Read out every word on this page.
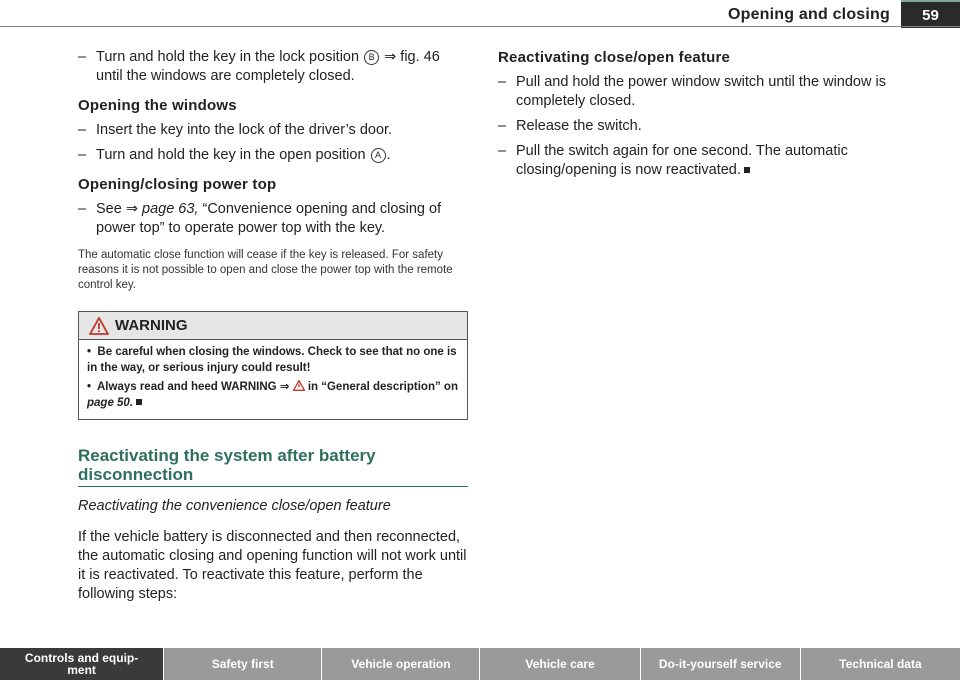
Opening and closing	59
– Turn and hold the key in the lock position B ⇒ fig. 46 until the windows are completely closed.
Opening the windows
– Insert the key into the lock of the driver’s door.
– Turn and hold the key in the open position A .
Opening/closing power top
– See ⇒ page 63, “Convenience opening and closing of power top” to operate power top with the key.

The automatic close function will cease if the key is released. For safety reasons it is not possible to open and close the power top with the remote control key.

WARNING

•  Be careful when closing the windows. Check to see that no one is in the way, or serious injury could result!

•  Always read and heed WARNING ⇒ in “General description” on page 50.

Reactivating the system after battery disconnection
Reactivating the convenience close/open feature
If the vehicle battery is disconnected and then reconnected, the automatic closing and opening function will not work until it is reactivated. To reactivate this feature, perform the following steps:
Reactivating close/open feature
– Pull and hold the power window switch until the window is completely closed.
– Release the switch.
– Pull the switch again for one second. The automatic closing/opening is now reactivated.
Controls and equip-
ment	Safety first	Vehicle operation	Vehicle care	Do-it-yourself service	Technical data
